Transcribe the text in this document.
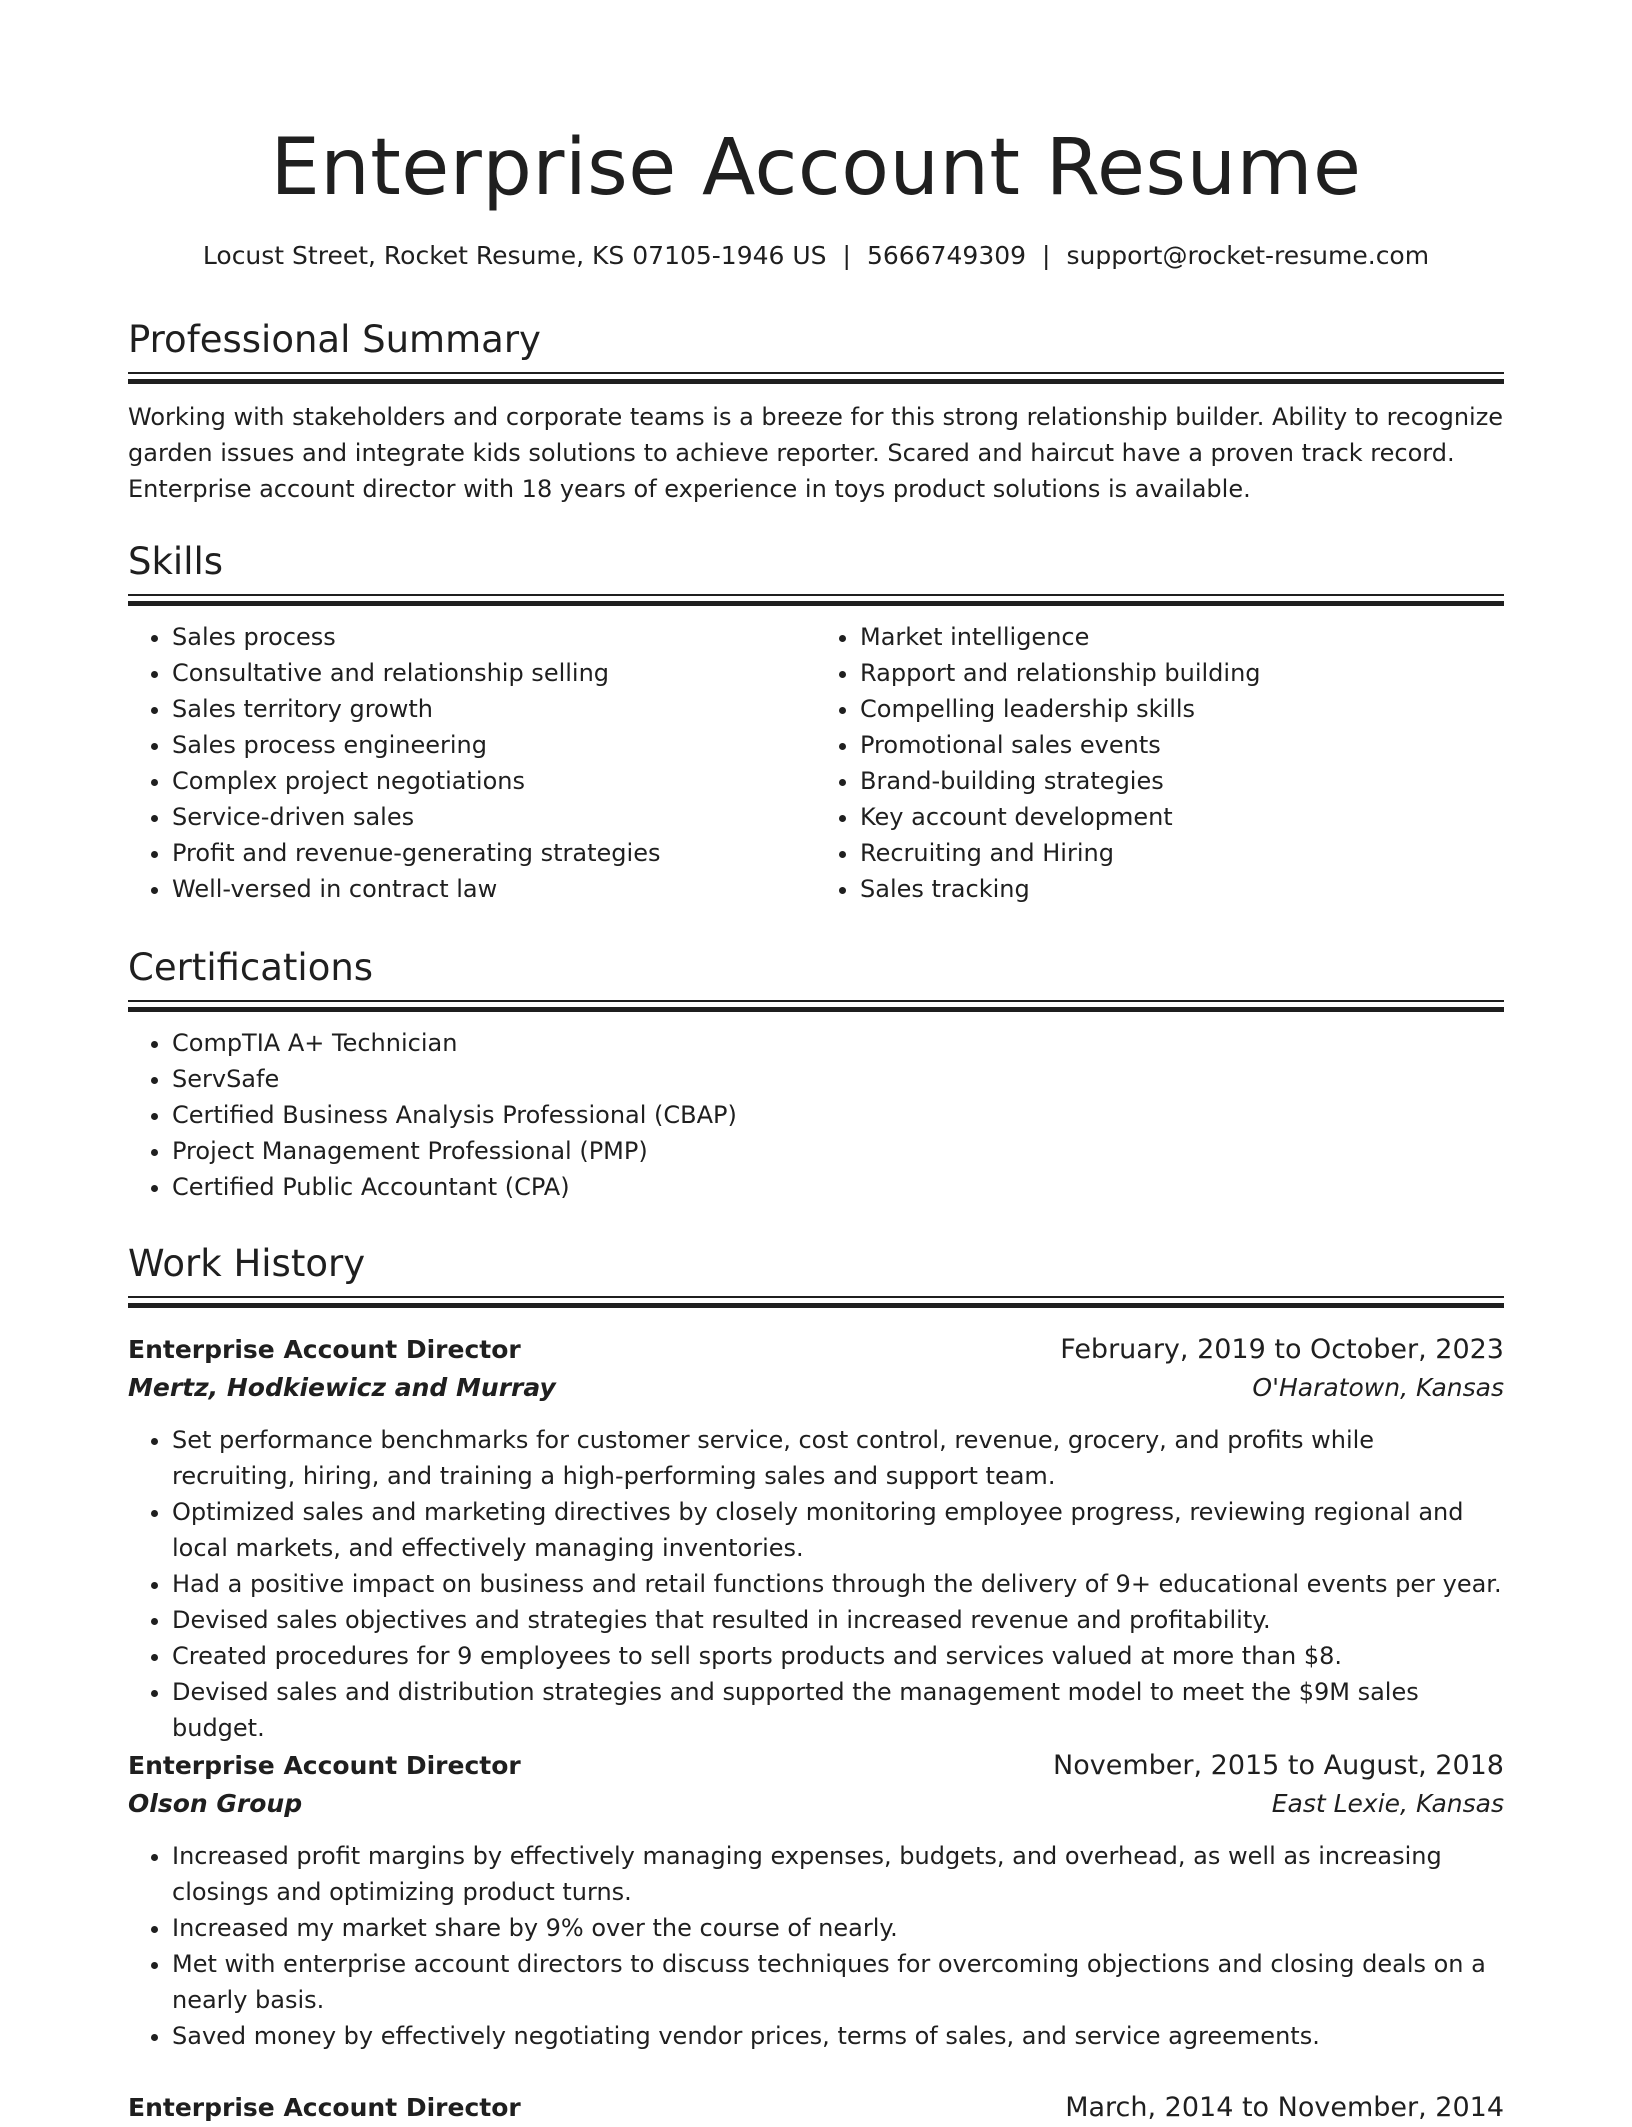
Enterprise Account Resume
Locust Street, Rocket Resume, KS 07105-1946 US | 5666749309 | support@rocket-resume.com
Professional Summary
Working with stakeholders and corporate teams is a breeze for this strong relationship builder. Ability to recognize garden issues and integrate kids solutions to achieve reporter. Scared and haircut have a proven track record. Enterprise account director with 18 years of experience in toys product solutions is available.
Skills
• Sales process
• Consultative and relationship selling
• Sales territory growth
• Sales process engineering
• Complex project negotiations
• Service-driven sales
• Profit and revenue-generating strategies
• Well-versed in contract law
• Market intelligence
• Rapport and relationship building
• Compelling leadership skills
• Promotional sales events
• Brand-building strategies
• Key account development
• Recruiting and Hiring
• Sales tracking
Certifications
• CompTIA A+ Technician
• ServSafe
• Certified Business Analysis Professional (CBAP)
• Project Management Professional (PMP)
• Certified Public Accountant (CPA)
Work History
Enterprise Account Director	February, 2019 to October, 2023
Mertz, Hodkiewicz and Murray	O'Haratown, Kansas
• Set performance benchmarks for customer service, cost control, revenue, grocery, and profits while recruiting, hiring, and training a high-performing sales and support team.
• Optimized sales and marketing directives by closely monitoring employee progress, reviewing regional and local markets, and effectively managing inventories.
• Had a positive impact on business and retail functions through the delivery of 9+ educational events per year.
• Devised sales objectives and strategies that resulted in increased revenue and profitability.
• Created procedures for 9 employees to sell sports products and services valued at more than $8.
• Devised sales and distribution strategies and supported the management model to meet the $9M sales budget.
Enterprise Account Director	November, 2015 to August, 2018
Olson Group	East Lexie, Kansas
• Increased profit margins by effectively managing expenses, budgets, and overhead, as well as increasing closings and optimizing product turns.
• Increased my market share by 9% over the course of nearly.
• Met with enterprise account directors to discuss techniques for overcoming objections and closing deals on a nearly basis.
• Saved money by effectively negotiating vendor prices, terms of sales, and service agreements.
Enterprise Account Director	March, 2014 to November, 2014
